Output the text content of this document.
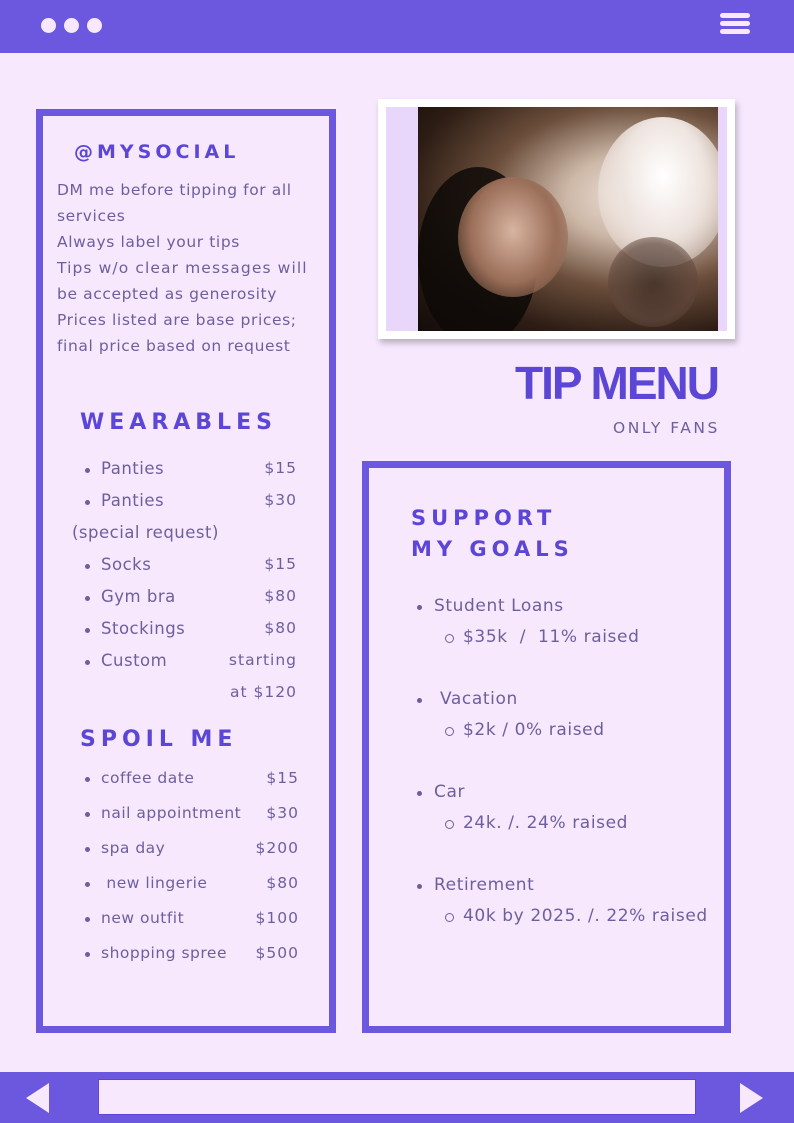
@MYSOCIAL
DM me before tipping for all
services
Always label your tips
Tips w/o clear messages will
be accepted as generosity
Prices listed are base prices;
final price based on request
WEARABLES
Panties	$15
Panties	$30
(special request)
Socks	$15
Gym bra	$80
Stockings	$80
Custom	starting
at $120
SPOIL ME
coffee date	$15
nail appointment $30
spa day	$200
new lingerie	$80
new outfit	$100
shopping spree $500
TIP MENU
ONLY FANS
SUPPORT
MY GOALS
Student Loans
$35k  /  11% raised
Vacation
$2k / 0% raised
Car
24k. /. 24% raised
Retirement
40k by 2025. /. 22% raised
